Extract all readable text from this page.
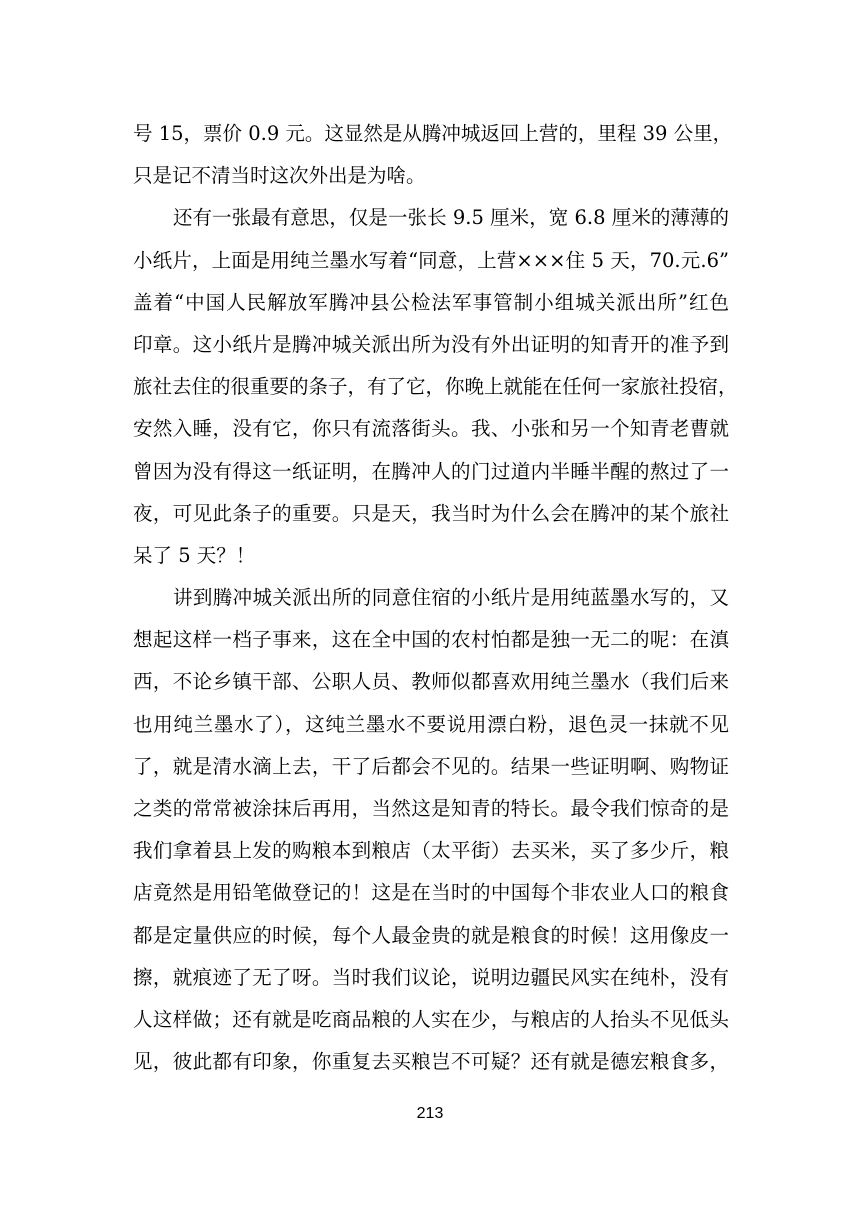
号 15，票价 0.9 元。这显然是从腾冲城返回上营的，里程 39 公里，
只是记不清当时这次外出是为啥。
还有一张最有意思，仅是一张长 9.5 厘米，宽 6.8 厘米的薄薄的
小纸片，上面是用纯兰墨水写着“同意，上营×××住 5 天，70.元.6”
盖着“中国人民解放军腾冲县公检法军事管制小组城关派出所”红色
印章。这小纸片是腾冲城关派出所为没有外出证明的知青开的准予到
旅社去住的很重要的条子，有了它，你晚上就能在任何一家旅社投宿，
安然入睡，没有它，你只有流落街头。我、小张和另一个知青老曹就
曾因为没有得这一纸证明，在腾冲人的门过道内半睡半醒的熬过了一
夜，可见此条子的重要。只是天，我当时为什么会在腾冲的某个旅社
呆了 5 天？！
讲到腾冲城关派出所的同意住宿的小纸片是用纯蓝墨水写的，又
想起这样一档子事来，这在全中国的农村怕都是独一无二的呢：在滇
西，不论乡镇干部、公职人员、教师似都喜欢用纯兰墨水（我们后来
也用纯兰墨水了），这纯兰墨水不要说用漂白粉，退色灵一抹就不见
了，就是清水滴上去，干了后都会不见的。结果一些证明啊、购物证
之类的常常被涂抹后再用，当然这是知青的特长。最令我们惊奇的是
我们拿着县上发的购粮本到粮店（太平街）去买米，买了多少斤，粮
店竟然是用铅笔做登记的！这是在当时的中国每个非农业人口的粮食
都是定量供应的时候，每个人最金贵的就是粮食的时候！这用像皮一
擦，就痕迹了无了呀。当时我们议论，说明边疆民风实在纯朴，没有
人这样做；还有就是吃商品粮的人实在少，与粮店的人抬头不见低头
见，彼此都有印象，你重复去买粮岂不可疑？还有就是德宏粮食多，
213
